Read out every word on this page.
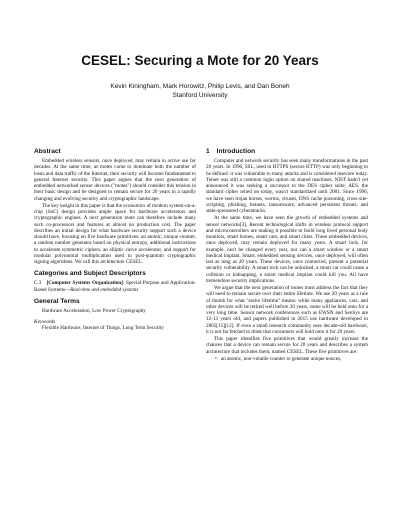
CESEL: Securing a Mote for 20 Years
Kevin Kiningham, Mark Horowitz, Philip Levis, and Dan Boneh
Stanford University
Abstract

Embedded wireless sensors, once deployed, may remain in active use for decades. At the same time, as motes come to dominate both the number of hosts and data traffic of the Internet, their security will become fundamental to general Internet security. This paper argues that the next generation of embedded networked sensor devices ("motes") should consider this tension in their basic design and be designed to remain secure for 20 years in a rapidly changing and evolving security and cryptographic landscape.

The key insight in this paper is that the economics of modern system-on-a-chip (SoC) design provides ample space for hardware accelerators and cryptographic engines. A next generation mote can therefore include many such co-processors and features at almost no production cost. The paper describes an initial design for what hardware security support such a device should have, focusing on five hardware primitives: an atomic, unique counter, a random number generator based on physical entropy, additional instructions to accelerate symmetric ciphers, an elliptic curve accelerator, and support for modular polynomial multiplication used in post-quantum cryptographic signing algorithms. We call this architecture CESEL.

Categories and Subject Descriptors

C.3 [Computer Systems Organization]: Special-Purpose and Application-Based Systems—Real-time and embedded systems

General Terms

Hardware Acceleration, Low Power Cryptography

Keywords

Flexible Hardware, Internet of Things, Long Term Security

1 Introduction

Computer and network security has seen many transformations in the past 20 years. In 1996, SSL, used in HTTPS (secure HTTP) was only beginning to be defined: it was vulnerable to many attacks and is considered insecure today. Telnet was still a common login option on shared machines. NIST hadn't yet announced it was seeking a successor to the DES cipher suite; AES, the standard cipher relied on today, wasn't standardized until 2001. Since 1996, we have seen trojan horses, worms, viruses, DNS cache poisoning, cross-site-scripting, phishing, botnets, ransomware, advanced persistent threats, and state-sponsored cyberattacks.

At the same time, we have seen the growth of embedded systems and sensor networks[3]. Recent technological shifts in wireless protocol support and microcontrollers are making it possible to build long lived personal body monitors, smart homes, smart cars, and smart cities. These embedded devices, once deployed, may remain deployed for many years. A smart lock, for example, can't be changed every year, nor can a smart window or a smart medical implant. Smart, embedded sensing devices, once deployed, will often last as long as 20 years. These devices, once connected, present a potential security vulnerability. A smart lock can be unlocked, a smart car could cause a collision or kidnapping, a smart medical implant could kill you. All have tremendous security implications.

We argue that the next generation of motes must address the fact that they will need to remain secure over their entire lifetime. We use 20 years as a rule of thumb for what "entire lifetime" means: while many appliances, cars, and other devices will be retired well before 20 years, some will be held onto for a very long time. Sensor network conferences such as EWSN and SenSys are 12-13 years old, and papers published in 2015 use hardware developed in 2005[15][12]. If even a small research community uses decade-old hardware, it is not far fetched to think that consumers will hold onto it for 20 years.

This paper identifies five primitives that would greatly increase the chances that a device can remain secure for 20 years and describes a system architecture that includes them, named CESEL. These five primitives are:

• an atomic, non-volatile counter to generate unique nonces,
